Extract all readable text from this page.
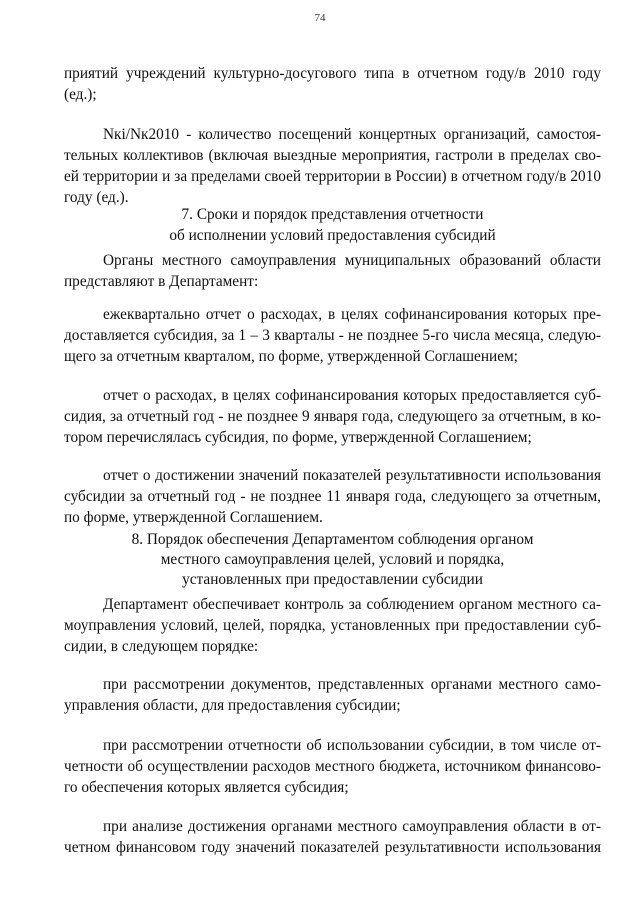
74
приятий учреждений культурно-досугового типа в отчетном году/в 2010 году
(ед.);
Nкi/Nк2010 - количество посещений концертных организаций, самостоя-
тельных коллективов (включая выездные мероприятия, гастроли в пределах сво-
ей территории и за пределами своей территории в России) в отчетном году/в 2010
году (ед.).
7. Сроки и порядок представления отчетности
об исполнении условий предоставления субсидий
Органы местного самоуправления муниципальных образований области
представляют в Департамент:
ежеквартально отчет о расходах, в целях софинансирования которых пре-
доставляется субсидия, за 1 – 3 кварталы - не позднее 5-го числа месяца, следую-
щего за отчетным кварталом, по форме, утвержденной Соглашением;
отчет о расходах, в целях софинансирования которых предоставляется суб-
сидия, за отчетный год - не позднее 9 января года, следующего за отчетным, в ко-
тором перечислялась субсидия, по форме, утвержденной Соглашением;
отчет о достижении значений показателей результативности использования
субсидии за отчетный год - не позднее 11 января года, следующего за отчетным,
по форме, утвержденной Соглашением.
8. Порядок обеспечения Департаментом соблюдения органом
местного самоуправления целей, условий и порядка,
установленных при предоставлении субсидии
Департамент обеспечивает контроль за соблюдением органом местного са-
моуправления условий, целей, порядка, установленных при предоставлении суб-
сидии, в следующем порядке:
при рассмотрении документов, представленных органами местного само-
управления области, для предоставления субсидии;
при рассмотрении отчетности об использовании субсидии, в том числе от-
четности об осуществлении расходов местного бюджета, источником финансово-
го обеспечения которых является субсидия;
при анализе достижения органами местного самоуправления области в от-
четном финансовом году значений показателей результативности использования
